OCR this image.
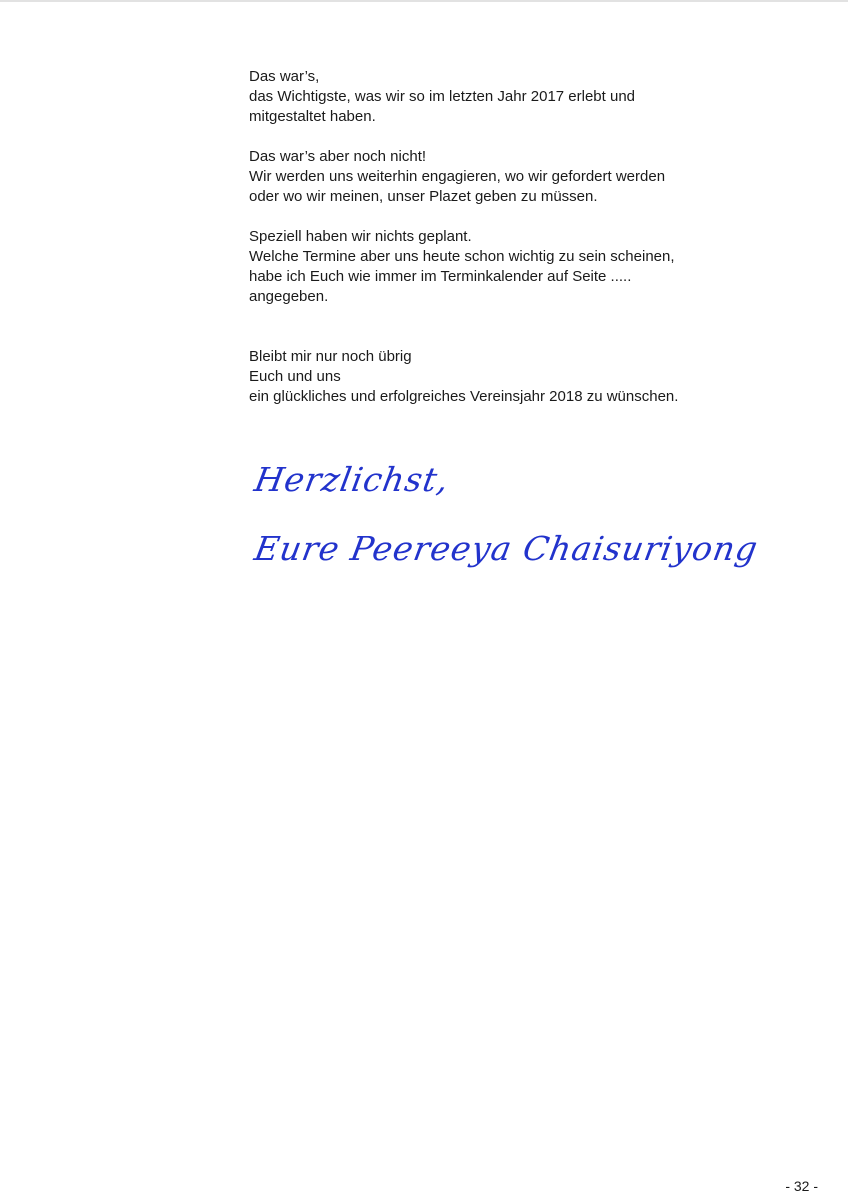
Das war’s,
das Wichtigste, was wir so im letzten Jahr 2017 erlebt und
mitgestaltet haben.
Das war’s aber noch nicht!
Wir werden uns weiterhin engagieren, wo wir gefordert werden
oder wo wir meinen, unser Plazet geben zu müssen.
Speziell haben wir nichts geplant.
Welche Termine aber uns heute schon wichtig zu sein scheinen,
habe ich Euch wie immer im Terminkalender auf Seite .....
angegeben.
Bleibt mir nur noch übrig
Euch und uns
ein glückliches und erfolgreiches Vereinsjahr 2018 zu wünschen.
Herzlichst,
Eure Peereeya Chaisuriyong
- 32 -
